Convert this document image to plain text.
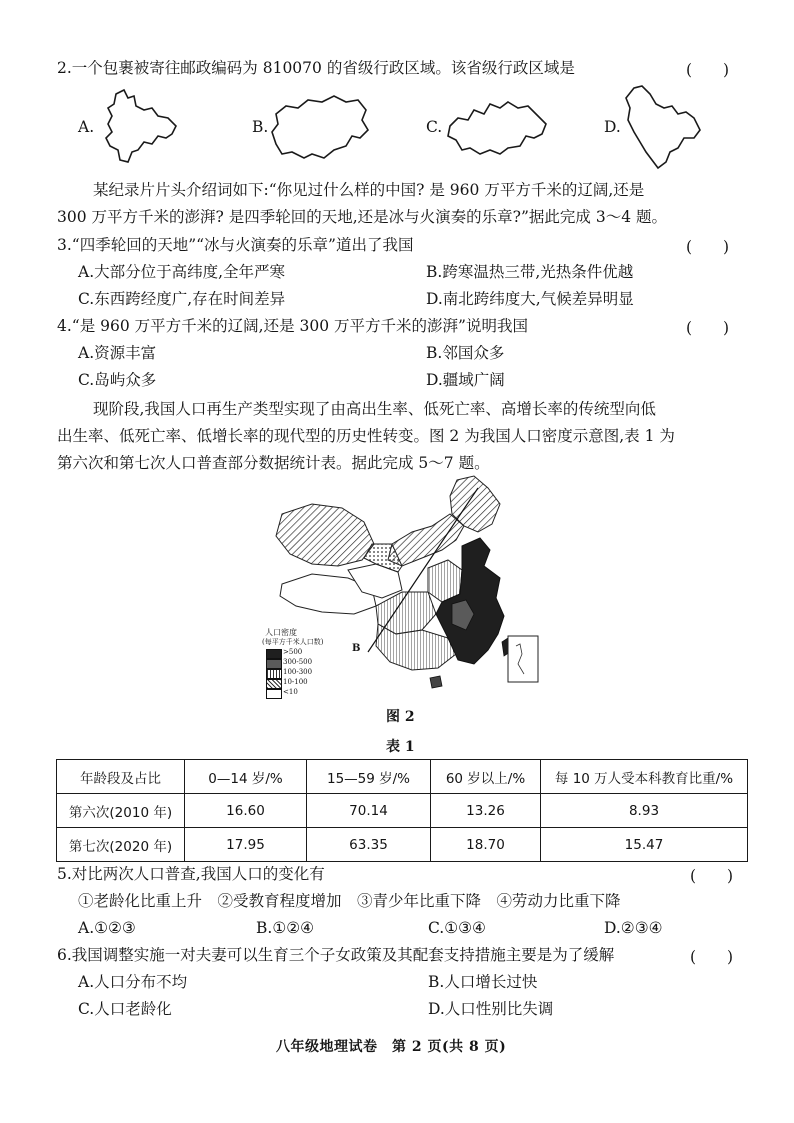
2.一个包裹被寄往邮政编码为 810070 的省级行政区域。该省级行政区域是	(　　)
A.	B.	C.	D.
某纪录片片头介绍词如下:“你见过什么样的中国? 是 960 万平方千米的辽阔,还是
300 万平方千米的澎湃? 是四季轮回的天地,还是冰与火演奏的乐章?”据此完成 3～4 题。
3.“四季轮回的天地”“冰与火演奏的乐章”道出了我国	(　　)
A.大部分位于高纬度,全年严寒	B.跨寒温热三带,光热条件优越
C.东西跨经度广,存在时间差异	D.南北跨纬度大,气候差异明显
4.“是 960 万平方千米的辽阔,还是 300 万平方千米的澎湃”说明我国	(　　)
A.资源丰富	B.邻国众多
C.岛屿众多	D.疆域广阔
现阶段,我国人口再生产类型实现了由高出生率、低死亡率、高增长率的传统型向低
出生率、低死亡率、低增长率的现代型的历史性转变。图 2 为我国人口密度示意图,表 1 为
第六次和第七次人口普查部分数据统计表。据此完成 5～7 题。
人口密度
(每平方千米人口数)
>500
300-500
100-300
10-100
<10
B
图 2
表 1
年龄段及占比	0—14 岁/%	15—59 岁/%	60 岁以上/%	每 10 万人受本科教育比重/%
第六次(2010 年)	16.60	70.14	13.26	8.93
第七次(2020 年)	17.95	63.35	18.70	15.47
5.对比两次人口普查,我国人口的变化有	(　　)
①老龄化比重上升　②受教育程度增加　③青少年比重下降　④劳动力比重下降
A.①②③	B.①②④	C.①③④	D.②③④
6.我国调整实施一对夫妻可以生育三个子女政策及其配套支持措施主要是为了缓解	(　　)
A.人口分布不均	B.人口增长过快
C.人口老龄化	D.人口性别比失调
八年级地理试卷　第 2 页(共 8 页)
